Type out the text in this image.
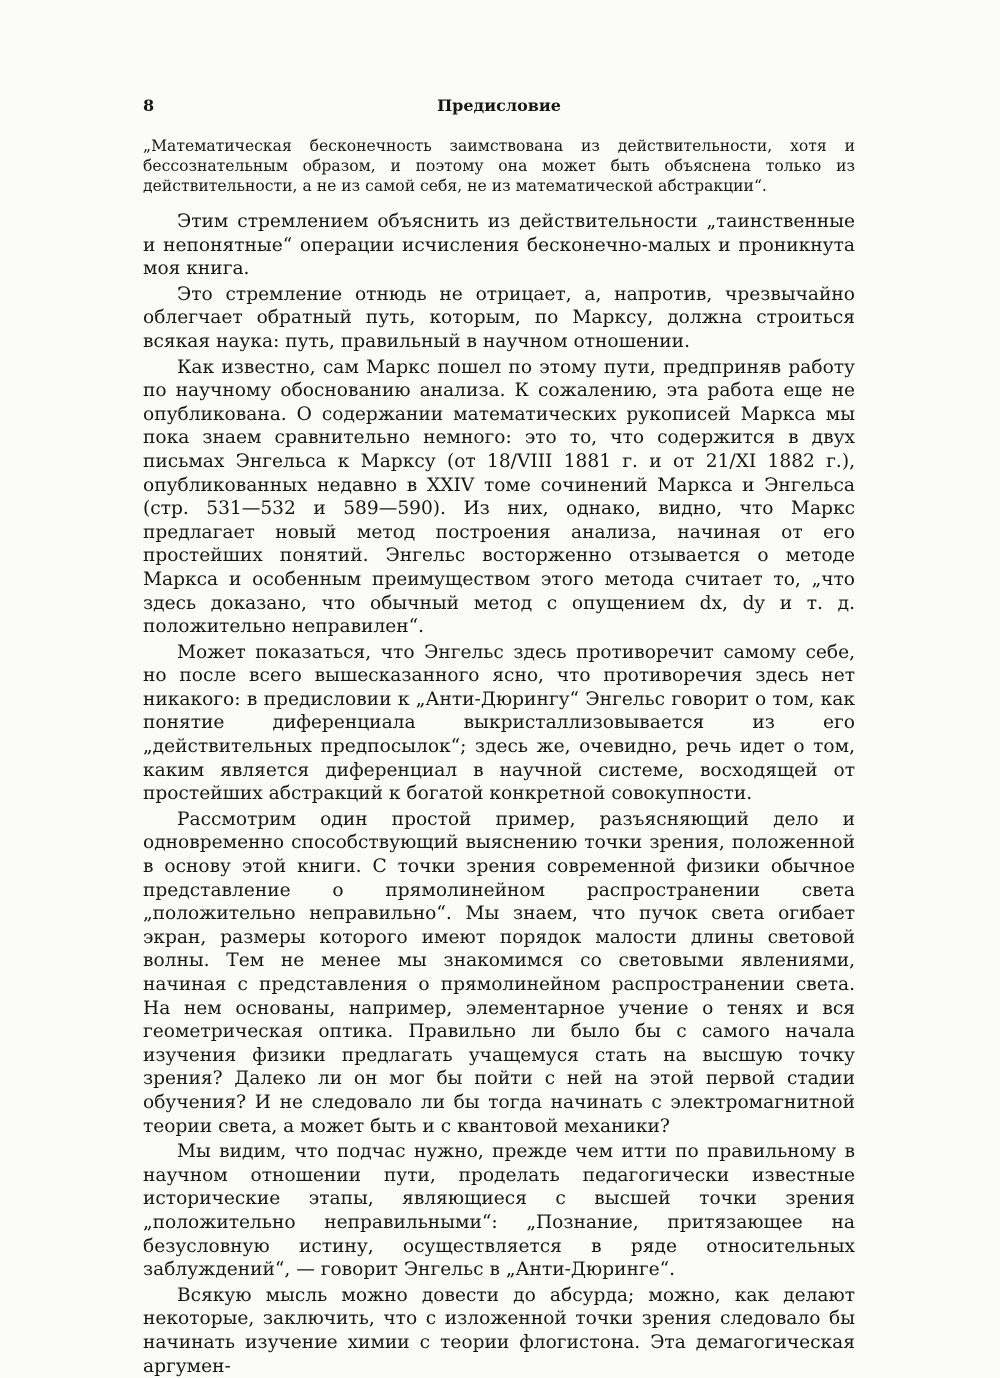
8	Предисловие
„Математическая бесконечность заимствована из действительности, хотя и бессознательным образом, и поэтому она может быть объяснена только из действительности, а не из самой себя, не из математической абстракции“.

Этим стремлением объяснить из действительности „таинственные и непонятные“ операции исчисления бесконечно-малых и проникнута моя книга.

Это стремление отнюдь не отрицает, а, напротив, чрезвычайно облегчает обратный путь, которым, по Марксу, должна строиться всякая наука: путь, правильный в научном отношении.

Как известно, сам Маркс пошел по этому пути, предприняв работу по научному обоснованию анализа. К сожалению, эта работа еще не опубликована. О содержании математических рукописей Маркса мы пока знаем сравнительно немного: это то, что содержится в двух письмах Энгельса к Марксу (от 18/VIII 1881 г. и от 21/XI 1882 г.), опубликованных недавно в XXIV томе сочинений Маркса и Энгельса (стр. 531—532 и 589—590). Из них, однако, видно, что Маркс предлагает новый метод построения анализа, начиная от его простейших понятий. Энгельс восторженно отзывается о методе Маркса и особенным преимуществом этого метода считает то, „что здесь доказано, что обычный метод с опущением dx, dy и т. д. положительно неправилен“.

Может показаться, что Энгельс здесь противоречит самому себе, но после всего вышесказанного ясно, что противоречия здесь нет никакого: в предисловии к „Анти-Дюрингу“ Энгельс говорит о том, как понятие диференциала выкристаллизовывается из его „действительных предпосылок“; здесь же, очевидно, речь идет о том, каким является диференциал в научной системе, восходящей от простейших абстракций к богатой конкретной совокупности.

Рассмотрим один простой пример, разъясняющий дело и одновременно способствующий выяснению точки зрения, положенной в основу этой книги. С точки зрения современной физики обычное представление о прямолинейном распространении света „положительно неправильно“. Мы знаем, что пучок света огибает экран, размеры которого имеют порядок малости длины световой волны. Тем не менее мы знакомимся со световыми явлениями, начиная с представления о прямолинейном распространении света. На нем основаны, например, элементарное учение о тенях и вся геометрическая оптика. Правильно ли было бы с самого начала изучения физики предлагать учащемуся стать на высшую точку зрения? Далеко ли он мог бы пойти с ней на этой первой стадии обучения? И не следовало ли бы тогда начинать с электромагнитной теории света, а может быть и с квантовой механики?

Мы видим, что подчас нужно, прежде чем итти по правильному в научном отношении пути, проделать педагогически известные исторические этапы, являющиеся с высшей точки зрения „положительно неправильными“: „Познание, притязающее на безусловную истину, осуществляется в ряде относительных заблуждений“, — говорит Энгельс в „Анти-Дюринге“.

Всякую мысль можно довести до абсурда; можно, как делают некоторые, заключить, что с изложенной точки зрения следовало бы начинать изучение химии с теории флогистона. Эта демагогическая аргумен-
